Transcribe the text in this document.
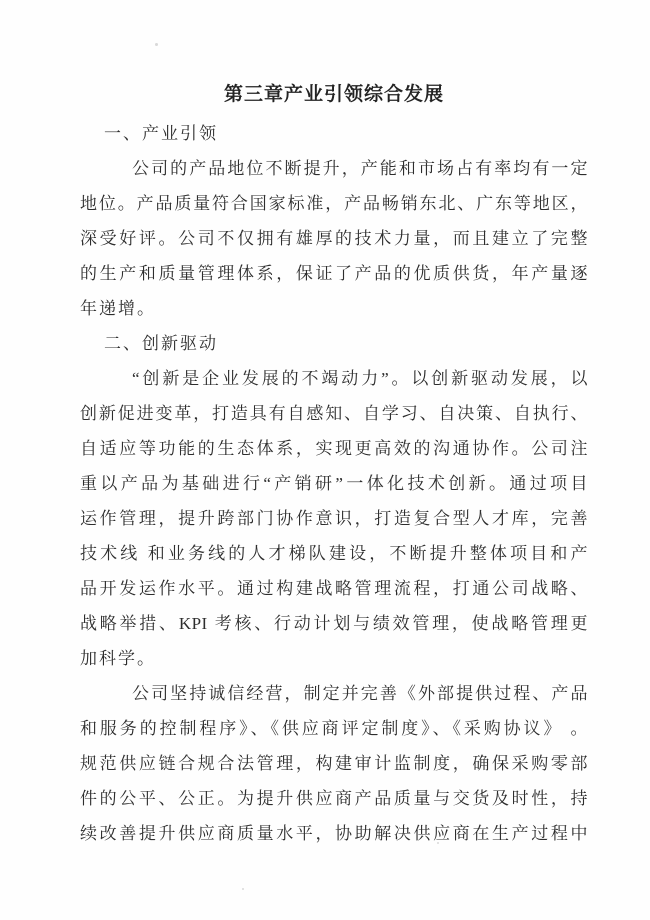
第三章产业引领综合发展
一、产业引领

公司的产品地位不断提升，产能和市场占有率均有一定

地位。产品质量符合国家标准，产品畅销东北、广东等地区，

深受好评。公司不仅拥有雄厚的技术力量，而且建立了完整

的生产和质量管理体系，保证了产品的优质供货，年产量逐

年递增。

二、创新驱动

“创新是企业发展的不竭动力”。以创新驱动发展，以

创新促进变革，打造具有自感知、自学习、自决策、自执行、

自适应等功能的生态体系，实现更高效的沟通协作。公司注

重以产品为基础进行“产销研”一体化技术创新。通过项目

运作管理，提升跨部门协作意识，打造复合型人才库，完善

技术线 和业务线的人才梯队建设，不断提升整体项目和产

品开发运作水平。通过构建战略管理流程，打通公司战略、

战略举措、KPI 考核、行动计划与绩效管理，使战略管理更

加科学。

公司坚持诚信经营，制定并完善《外部提供过程、产品

和服务的控制程序》、《供应商评定制度》、《采购协议》 。

规范供应链合规合法管理，构建审计监制度，确保采购零部

件的公平、公正。为提升供应商产品质量与交货及时性，持

续改善提升供应商质量水平，协助解决供应商在生产过程中
